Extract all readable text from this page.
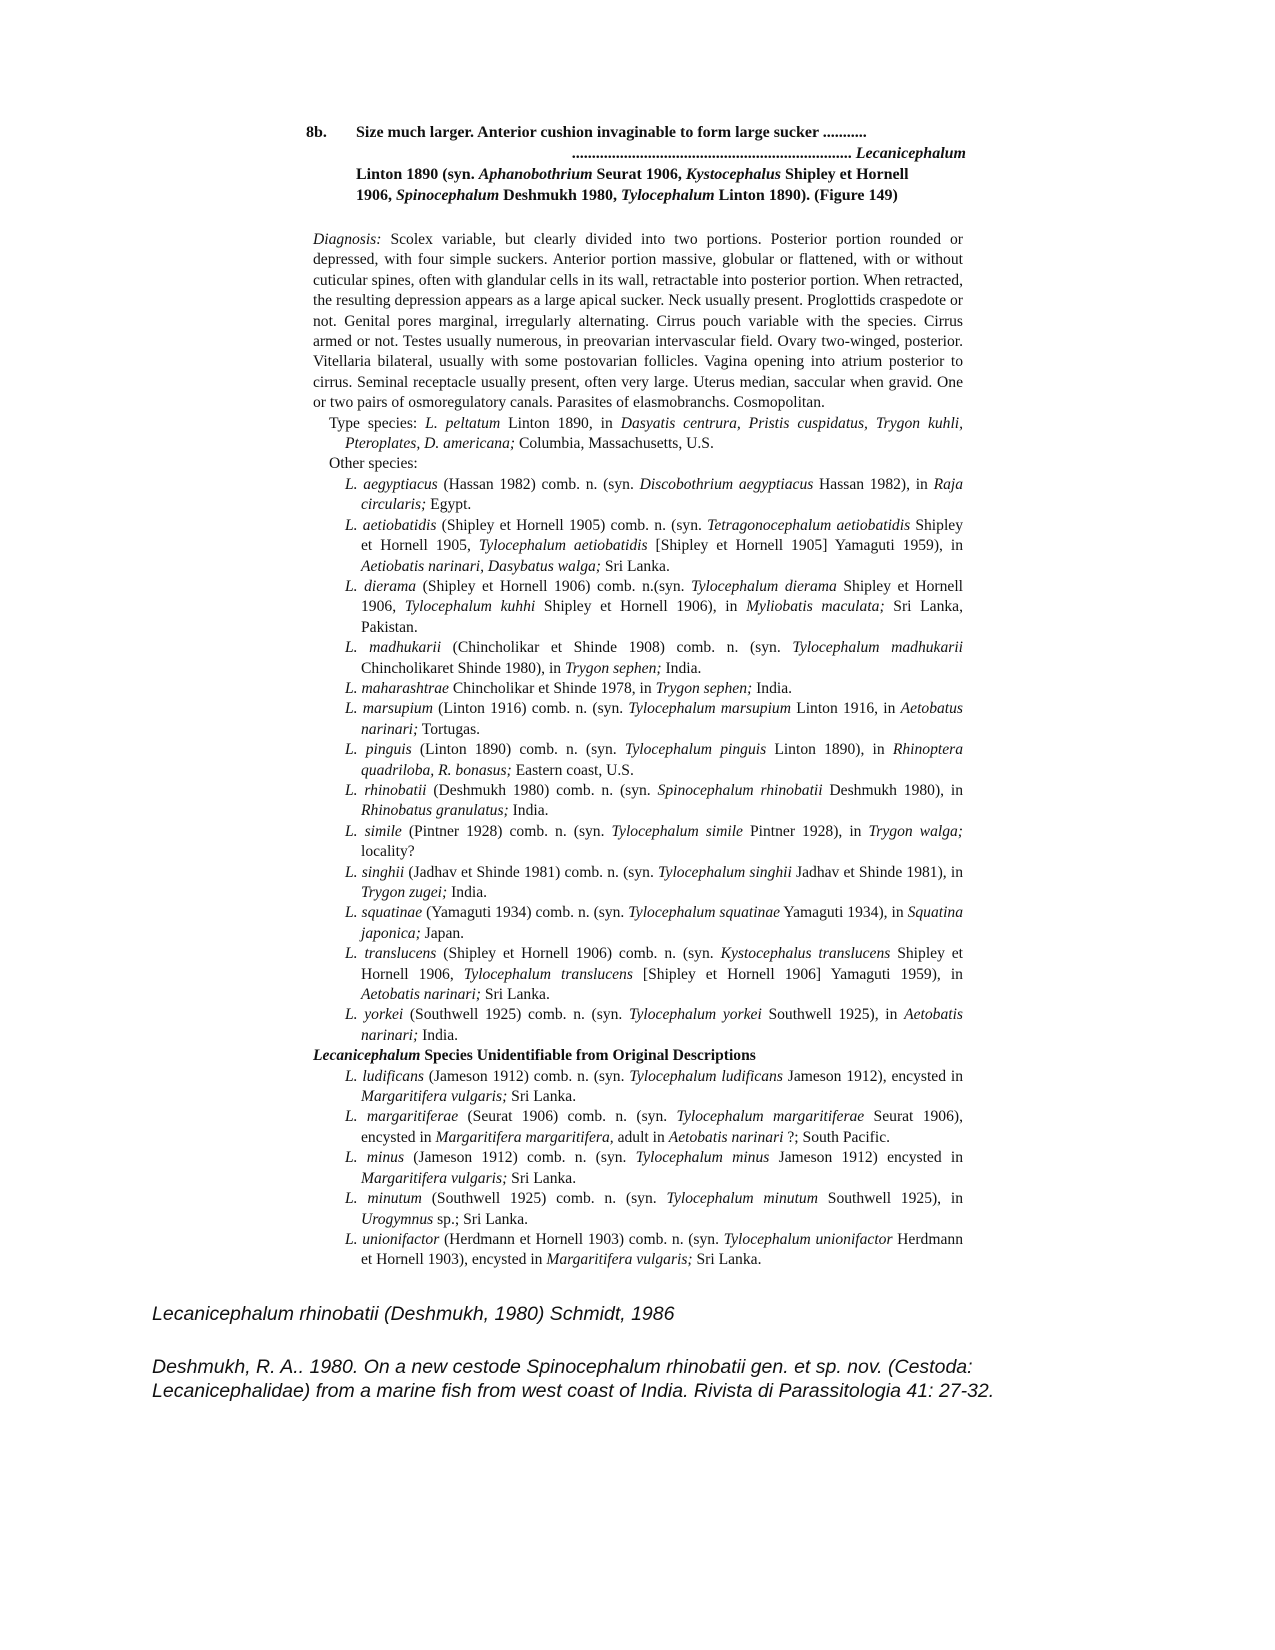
8b. Size much larger. Anterior cushion invaginable to form large sucker ...........
...................................................................... Lecanicephalum
Linton 1890 (syn. Aphanobothrium Seurat 1906, Kystocephalus Shipley et Hornell
1906, Spinocephalum Deshmukh 1980, Tylocephalum Linton 1890). (Figure 149)

Diagnosis: Scolex variable, but clearly divided into two portions. Posterior portion rounded or depressed, with four simple suckers. Anterior portion massive, globular or flattened, with or without cuticular spines, often with glandular cells in its wall, retractable into posterior portion. When retracted, the resulting depression appears as a large apical sucker. Neck usually present. Proglottids craspedote or not. Genital pores marginal, irregularly alternating. Cirrus pouch variable with the species. Cirrus armed or not. Testes usually numerous, in preovarian intervascular field. Ovary two-winged, posterior. Vitellaria bilateral, usually with some postovarian follicles. Vagina opening into atrium posterior to cirrus. Seminal receptacle usually present, often very large. Uterus median, saccular when gravid. One or two pairs of osmoregulatory canals. Parasites of elasmobranchs. Cosmopolitan.

Type species: L. peltatum Linton 1890, in Dasyatis centrura, Pristis cuspidatus, Trygon kuhli, Pteroplates, D. americana; Columbia, Massachusetts, U.S.

Other species:

L. aegyptiacus (Hassan 1982) comb. n. (syn. Discobothrium aegyptiacus Hassan 1982), in Raja circularis; Egypt.

L. aetiobatidis (Shipley et Hornell 1905) comb. n. (syn. Tetragonocephalum aetiobatidis Shipley et Hornell 1905, Tylocephalum aetiobatidis [Shipley et Hornell 1905] Yamaguti 1959), in Aetiobatis narinari, Dasybatus walga; Sri Lanka.

L. dierama (Shipley et Hornell 1906) comb. n.(syn. Tylocephalum dierama Shipley et Hornell 1906, Tylocephalum kuhhi Shipley et Hornell 1906), in Myliobatis maculata; Sri Lanka, Pakistan.

L. madhukarii (Chincholikar et Shinde 1908) comb. n. (syn. Tylocephalum madhukarii Chincholikaret Shinde 1980), in Trygon sephen; India.

L. maharashtrae Chincholikar et Shinde 1978, in Trygon sephen; India.

L. marsupium (Linton 1916) comb. n. (syn. Tylocephalum marsupium Linton 1916, in Aetobatus narinari; Tortugas.

L. pinguis (Linton 1890) comb. n. (syn. Tylocephalum pinguis Linton 1890), in Rhinoptera quadriloba, R. bonasus; Eastern coast, U.S.

L. rhinobatii (Deshmukh 1980) comb. n. (syn. Spinocephalum rhinobatii Deshmukh 1980), in Rhinobatus granulatus; India.

L. simile (Pintner 1928) comb. n. (syn. Tylocephalum simile Pintner 1928), in Trygon walga; locality?

L. singhii (Jadhav et Shinde 1981) comb. n. (syn. Tylocephalum singhii Jadhav et Shinde 1981), in Trygon zugei; India.

L. squatinae (Yamaguti 1934) comb. n. (syn. Tylocephalum squatinae Yamaguti 1934), in Squatina japonica; Japan.

L. translucens (Shipley et Hornell 1906) comb. n. (syn. Kystocephalus translucens Shipley et Hornell 1906, Tylocephalum translucens [Shipley et Hornell 1906] Yamaguti 1959), in Aetobatis narinari; Sri Lanka.

L. yorkei (Southwell 1925) comb. n. (syn. Tylocephalum yorkei Southwell 1925), in Aetobatis narinari; India.

Lecanicephalum Species Unidentifiable from Original Descriptions

L. ludificans (Jameson 1912) comb. n. (syn. Tylocephalum ludificans Jameson 1912), encysted in Margaritifera vulgaris; Sri Lanka.

L. margaritiferae (Seurat 1906) comb. n. (syn. Tylocephalum margaritiferae Seurat 1906), encysted in Margaritifera margaritifera, adult in Aetobatis narinari ?; South Pacific.

L. minus (Jameson 1912) comb. n. (syn. Tylocephalum minus Jameson 1912) encysted in Margaritifera vulgaris; Sri Lanka.

L. minutum (Southwell 1925) comb. n. (syn. Tylocephalum minutum Southwell 1925), in Urogymnus sp.; Sri Lanka.

L. unionifactor (Herdmann et Hornell 1903) comb. n. (syn. Tylocephalum unionifactor Herdmann et Hornell 1903), encysted in Margaritifera vulgaris; Sri Lanka.

Lecanicephalum rhinobatii (Deshmukh, 1980) Schmidt, 1986
Deshmukh, R. A.. 1980. On a new cestode Spinocephalum rhinobatii gen. et sp. nov. (Cestoda: Lecanicephalidae) from a marine fish from west coast of India. Rivista di Parassitologia 41: 27-32.
